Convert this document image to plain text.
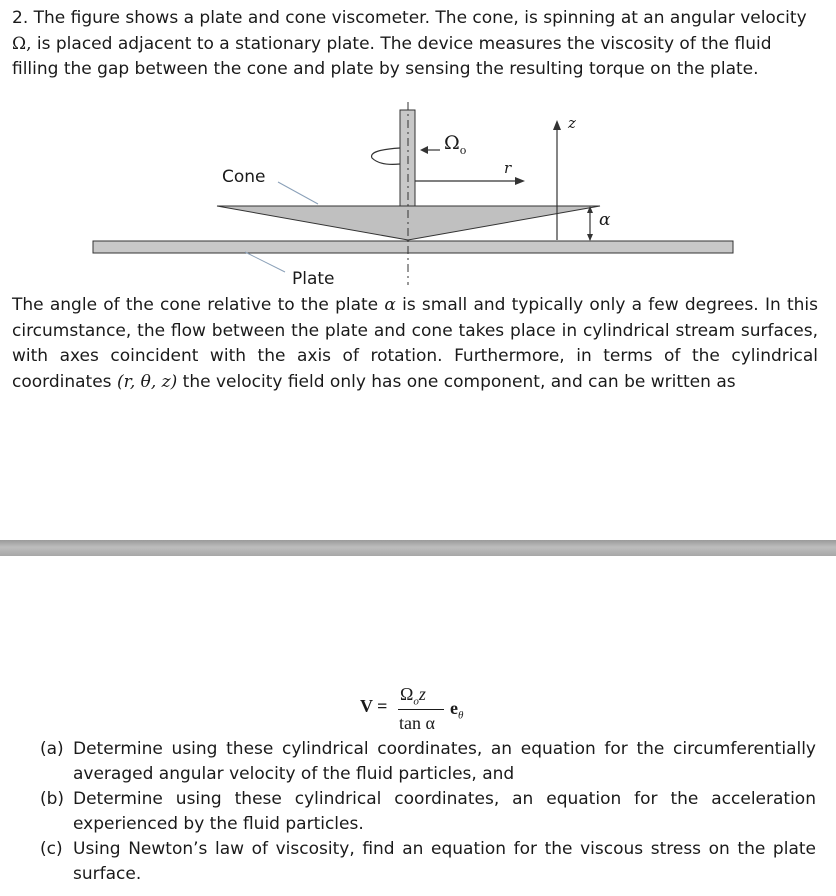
2. The figure shows a plate and cone viscometer. The cone, is spinning at an angular velocity Ω, is placed adjacent to a stationary plate. The device measures the viscosity of the fluid filling the gap between the cone and plate by sensing the resulting torque on the plate.

Cone
Plate
$\Omega_o$
r
z
α

The angle of the cone relative to the plate α is small and typically only a few degrees. In this circumstance, the flow between the plate and cone takes place in cylindrical stream surfaces, with axes coincident with the axis of rotation. Furthermore, in terms of the cylindrical coordinates (r, θ, z) the velocity field only has one component, and can be written as

V =
$\Omega_oz$
tan α
$e_\theta$
(a) Determine using these cylindrical coordinates, an equation for the circumferentially averaged angular velocity of the fluid particles, and
(b) Determine using these cylindrical coordinates, an equation for the acceleration experienced by the fluid particles.
(c) Using Newton’s law of viscosity, find an equation for the viscous stress on the plate surface.
